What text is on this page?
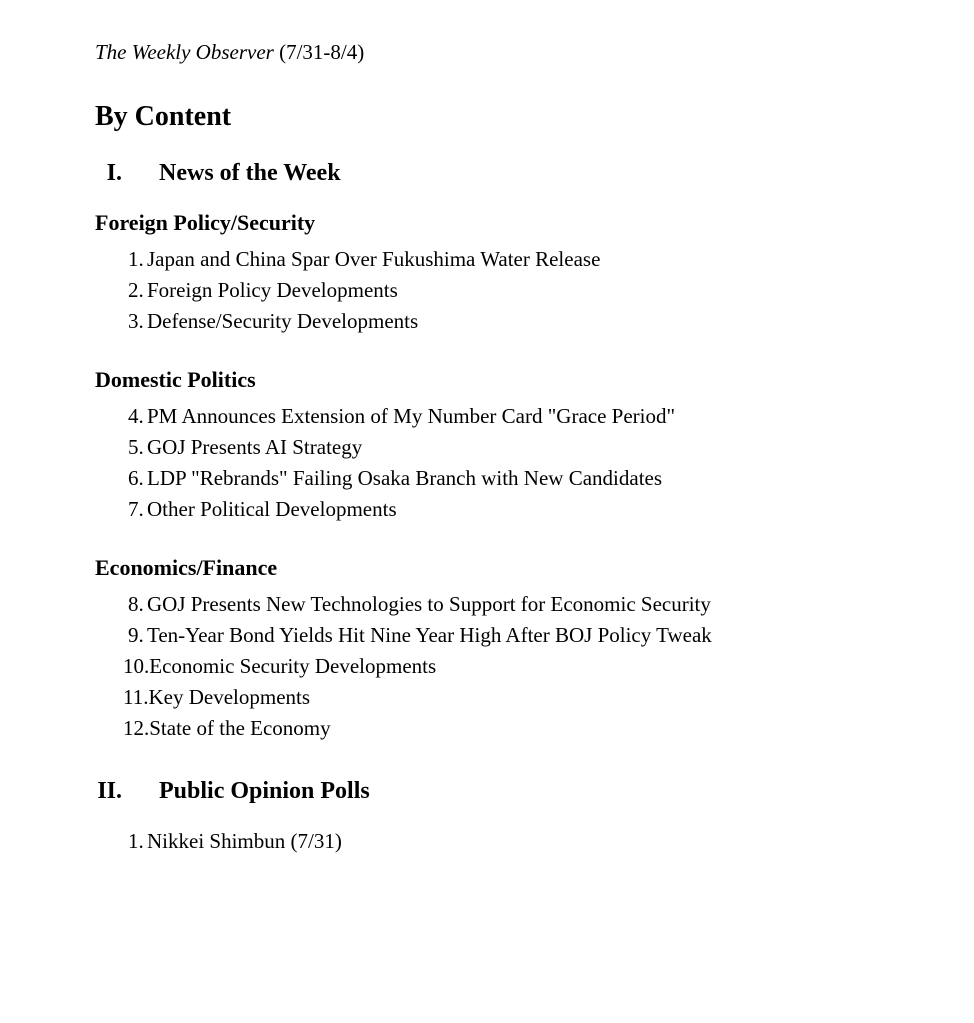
The Weekly Observer (7/31-8/4)

By Content
I. News of the Week
Foreign Policy/Security
1. Japan and China Spar Over Fukushima Water Release
2. Foreign Policy Developments
3. Defense/Security Developments
Domestic Politics
4. PM Announces Extension of My Number Card "Grace Period"
5. GOJ Presents AI Strategy
6. LDP "Rebrands" Failing Osaka Branch with New Candidates
7. Other Political Developments
Economics/Finance
8. GOJ Presents New Technologies to Support for Economic Security
9. Ten-Year Bond Yields Hit Nine Year High After BOJ Policy Tweak
10. Economic Security Developments
11. Key Developments
12. State of the Economy
II. Public Opinion Polls
1. Nikkei Shimbun (7/31)
